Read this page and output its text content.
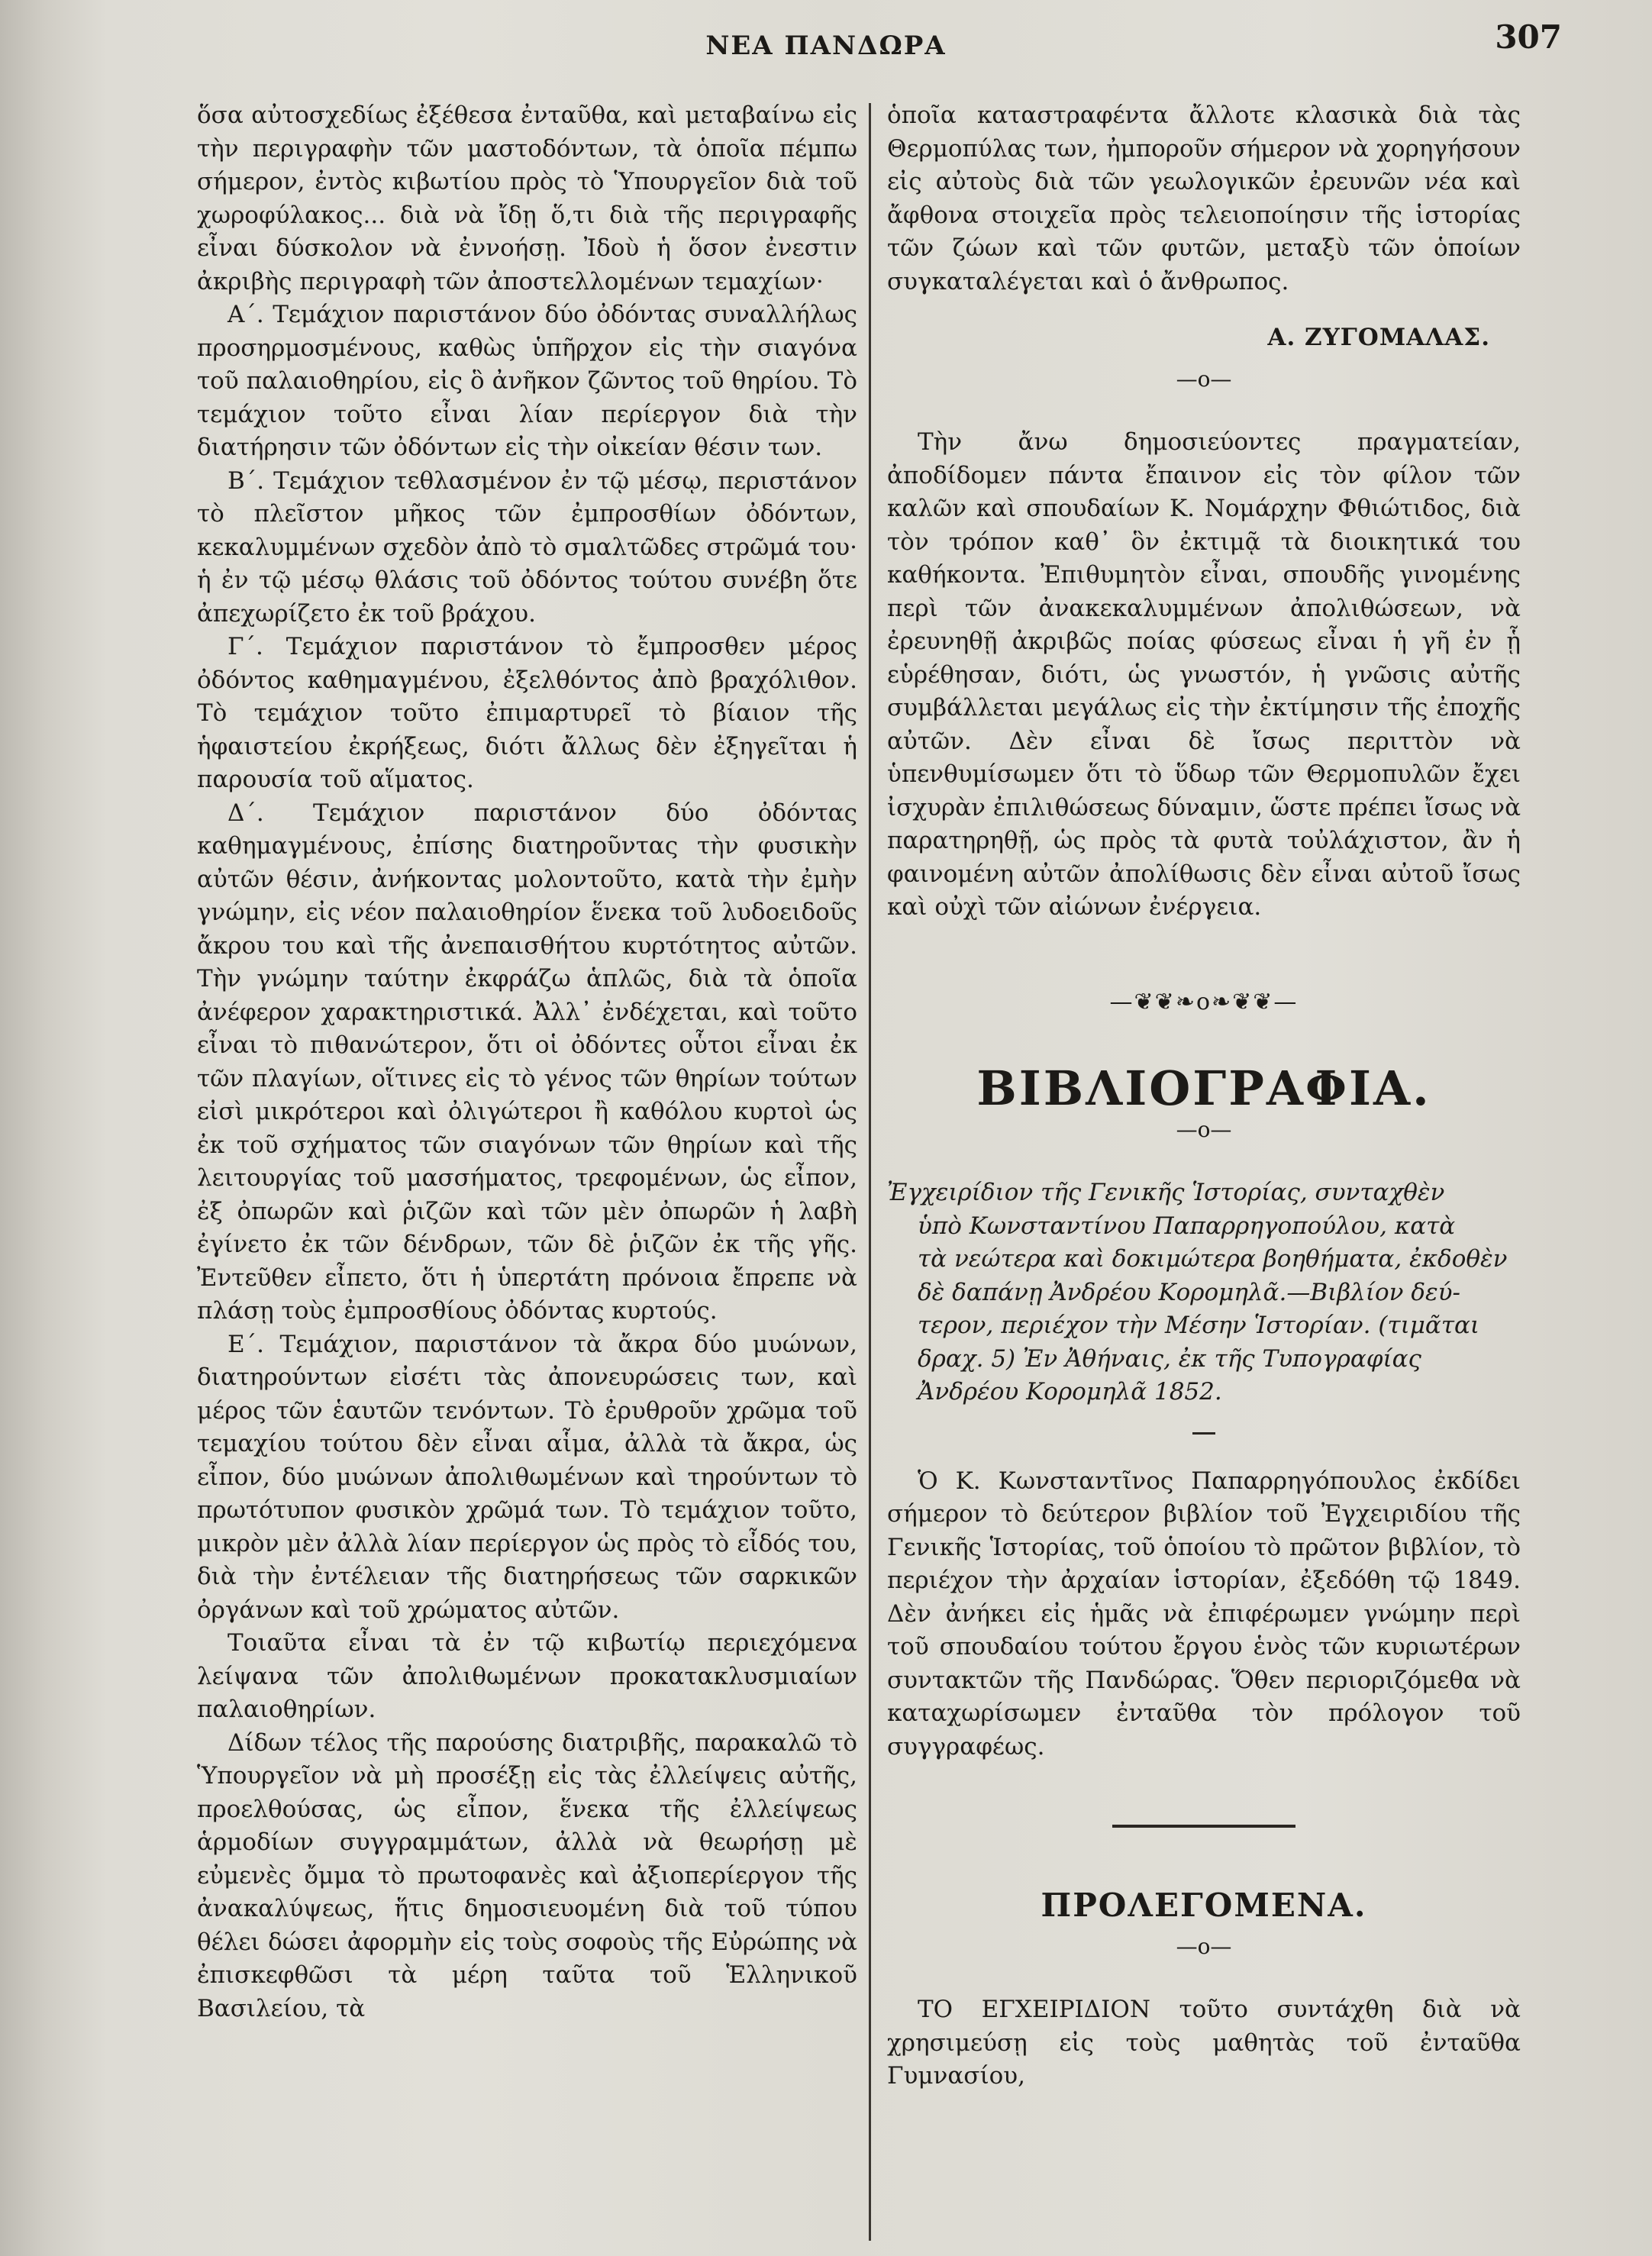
ΝΕΑ ΠΑΝΔΩΡΑ	307

ὅσα αὐτοσχεδίως ἐξέθεσα ἐνταῦθα, καὶ μεταβαίνω εἰς τὴν περιγραφὴν τῶν μαστοδόντων, τὰ ὁποῖα πέμπω σήμερον, ἐντὸς κιβωτίου πρὸς τὸ Ὑπουργεῖον διὰ τοῦ χωροφύλακος... διὰ νὰ ἴδῃ ὅ,τι διὰ τῆς περιγραφῆς εἶναι δύσκολον νὰ ἐννοήσῃ. Ἰδοὺ ἡ ὅσον ἐνεστιν ἀκριβὴς περιγραφὴ τῶν ἀποστελλομένων τεμαχίων·

Α΄. Τεμάχιον παριστάνον δύο ὀδόντας συναλλήλως προσηρμοσμένους, καθὼς ὑπῆρχον εἰς τὴν σιαγόνα τοῦ παλαιοθηρίου, εἰς ὃ ἀνῆκον ζῶντος τοῦ θηρίου. Τὸ τεμάχιον τοῦτο εἶναι λίαν περίεργον διὰ τὴν διατήρησιν τῶν ὀδόντων εἰς τὴν οἰκείαν θέσιν των.

Β΄. Τεμάχιον τεθλασμένον ἐν τῷ μέσῳ, περιστάνον τὸ πλεῖστον μῆκος τῶν ἐμπροσθίων ὀδόντων, κεκαλυμμένων σχεδὸν ἀπὸ τὸ σμαλτῶδες στρῶμά του· ἡ ἐν τῷ μέσῳ θλάσις τοῦ ὀδόντος τούτου συνέβη ὅτε ἀπεχωρίζετο ἐκ τοῦ βράχου.

Γ΄. Τεμάχιον παριστάνον τὸ ἔμπροσθεν μέρος ὀδόντος καθημαγμένου, ἐξελθόντος ἀπὸ βραχόλιθον. Τὸ τεμάχιον τοῦτο ἐπιμαρτυρεῖ τὸ βίαιον τῆς ἡφαιστείου ἐκρήξεως, διότι ἄλλως δὲν ἐξηγεῖται ἡ παρουσία τοῦ αἵματος.

Δ΄. Τεμάχιον παριστάνον δύο ὀδόντας καθημαγμένους, ἐπίσης διατηροῦντας τὴν φυσικὴν αὐτῶν θέσιν, ἀνήκοντας μολοντοῦτο, κατὰ τὴν ἐμὴν γνώμην, εἰς νέον παλαιοθηρίον ἕνεκα τοῦ λυδοειδοῦς ἄκρου του καὶ τῆς ἀνεπαισθήτου κυρτότητος αὐτῶν. Τὴν γνώμην ταύτην ἐκφράζω ἁπλῶς, διὰ τὰ ὁποῖα ἀνέφερον χαρακτηριστικά. Ἀλλ᾽ ἐνδέχεται, καὶ τοῦτο εἶναι τὸ πιθανώτερον, ὅτι οἱ ὀδόντες οὗτοι εἶναι ἐκ τῶν πλαγίων, οἵτινες εἰς τὸ γένος τῶν θηρίων τούτων εἰσὶ μικρότεροι καὶ ὀλιγώτεροι ἢ καθόλου κυρτοὶ ὡς ἐκ τοῦ σχήματος τῶν σιαγόνων τῶν θηρίων καὶ τῆς λειτουργίας τοῦ μασσήματος, τρεφομένων, ὡς εἶπον, ἐξ ὀπωρῶν καὶ ῥιζῶν καὶ τῶν μὲν ὀπωρῶν ἡ λαβὴ ἐγίνετο ἐκ τῶν δένδρων, τῶν δὲ ῥιζῶν ἐκ τῆς γῆς. Ἐντεῦθεν εἶπετο, ὅτι ἡ ὑπερτάτη πρόνοια ἔπρεπε νὰ πλάσῃ τοὺς ἐμπροσθίους ὀδόντας κυρτούς.

Ε΄. Τεμάχιον, παριστάνον τὰ ἄκρα δύο μυώνων, διατηρούντων εἰσέτι τὰς ἀπονευρώσεις των, καὶ μέρος τῶν ἑαυτῶν τενόντων. Τὸ ἐρυθροῦν χρῶμα τοῦ τεμαχίου τούτου δὲν εἶναι αἷμα, ἀλλὰ τὰ ἄκρα, ὡς εἶπον, δύο μυώνων ἀπολιθωμένων καὶ τηρούντων τὸ πρωτότυπον φυσικὸν χρῶμά των. Τὸ τεμάχιον τοῦτο, μικρὸν μὲν ἀλλὰ λίαν περίεργον ὡς πρὸς τὸ εἶδός του, διὰ τὴν ἐντέλειαν τῆς διατηρήσεως τῶν σαρκικῶν ὀργάνων καὶ τοῦ χρώματος αὐτῶν.

Τοιαῦτα εἶναι τὰ ἐν τῷ κιβωτίῳ περιεχόμενα λείψανα τῶν ἀπολιθωμένων προκατακλυσμιαίων παλαιοθηρίων.

Δίδων τέλος τῆς παρούσης διατριβῆς, παρακαλῶ τὸ Ὑπουργεῖον νὰ μὴ προσέξῃ εἰς τὰς ἐλλείψεις αὐτῆς, προελθούσας, ὡς εἶπον, ἕνεκα τῆς ἐλλείψεως ἁρμοδίων συγγραμμάτων, ἀλλὰ νὰ θεωρήσῃ μὲ εὐμενὲς ὄμμα τὸ πρωτοφανὲς καὶ ἀξιοπερίεργον τῆς ἀνακαλύψεως, ἥτις δημοσιευομένη διὰ τοῦ τύπου θέλει δώσει ἀφορμὴν εἰς τοὺς σοφοὺς τῆς Εὐρώπης νὰ ἐπισκεφθῶσι τὰ μέρη ταῦτα τοῦ Ἑλληνικοῦ Βασιλείου, τὰ

ὁποῖα καταστραφέντα ἄλλοτε κλασικὰ διὰ τὰς Θερμοπύλας των, ἠμποροῦν σήμερον νὰ χορηγήσουν εἰς αὐτοὺς διὰ τῶν γεωλογικῶν ἐρευνῶν νέα καὶ ἄφθονα στοιχεῖα πρὸς τελειοποίησιν τῆς ἱστορίας τῶν ζώων καὶ τῶν φυτῶν, μεταξὺ τῶν ὁποίων συγκαταλέγεται καὶ ὁ ἄνθρωπος.

Α. ΖΥΓΟΜΑΛΑΣ.
—o—

Τὴν ἄνω δημοσιεύοντες πραγματείαν, ἀποδίδομεν πάντα ἔπαινον εἰς τὸν φίλον τῶν καλῶν καὶ σπουδαίων Κ. Νομάρχην Φθιώτιδος, διὰ τὸν τρόπον καθ᾽ ὃν ἐκτιμᾷ τὰ διοικητικά του καθήκοντα. Ἐπιθυμητὸν εἶναι, σπουδῆς γινομένης περὶ τῶν ἀνακεκαλυμμένων ἀπολιθώσεων, νὰ ἐρευνηθῇ ἀκριβῶς ποίας φύσεως εἶναι ἡ γῆ ἐν ᾗ εὑρέθησαν, διότι, ὡς γνωστόν, ἡ γνῶσις αὐτῆς συμβάλλεται μεγάλως εἰς τὴν ἐκτίμησιν τῆς ἐποχῆς αὐτῶν. Δὲν εἶναι δὲ ἴσως περιττὸν νὰ ὑπενθυμίσωμεν ὅτι τὸ ὕδωρ τῶν Θερμοπυλῶν ἔχει ἰσχυρὰν ἐπιλιθώσεως δύναμιν, ὥστε πρέπει ἴσως νὰ παρατηρηθῇ, ὡς πρὸς τὰ φυτὰ τοὐλάχιστον, ἂν ἡ φαινομένη αὐτῶν ἀπολίθωσις δὲν εἶναι αὐτοῦ ἴσως καὶ οὐχὶ τῶν αἰώνων ἐνέργεια.

—❦❦❧o❧❦❦—
ΒΙΒΛΙΟΓΡΑΦΙΑ.
—o—

Ἐγχειρίδιον τῆς Γενικῆς Ἱστορίας, συνταχθὲν

ὑπὸ Κωνσταντίνου Παπαρρηγοπούλου, κατὰ

τὰ νεώτερα καὶ δοκιμώτερα βοηθήματα, ἐκδοθὲν

δὲ δαπάνῃ Ἀνδρέου Κορομηλᾶ.—Βιβλίον δεύ-

τερον, περιέχον τὴν Μέσην Ἱστορίαν. (τιμᾶται

δραχ. 5) Ἐν Ἀθήναις, ἐκ τῆς Τυπογραφίας

Ἀνδρέου Κορομηλᾶ 1852.

Ὁ Κ. Κωνσταντῖνος Παπαρρηγόπουλος ἐκδίδει σήμερον τὸ δεύτερον βιβλίον τοῦ Ἐγχειριδίου τῆς Γενικῆς Ἱστορίας, τοῦ ὁποίου τὸ πρῶτον βιβλίον, τὸ περιέχον τὴν ἀρχαίαν ἱστορίαν, ἐξεδόθη τῷ 1849. Δὲν ἀνήκει εἰς ἡμᾶς νὰ ἐπιφέρωμεν γνώμην περὶ τοῦ σπουδαίου τούτου ἔργου ἑνὸς τῶν κυριωτέρων συντακτῶν τῆς Πανδώρας. Ὅθεν περιοριζόμεθα νὰ καταχωρίσωμεν ἐνταῦθα τὸν πρόλογον τοῦ συγγραφέως.

ΠΡΟΛΕΓΟΜΕΝΑ.
—o—

ΤΟ ΕΓΧΕΙΡΙΔΙΟΝ τοῦτο συντάχθη διὰ νὰ χρησιμεύσῃ εἰς τοὺς μαθητὰς τοῦ ἐνταῦθα Γυμνασίου,
